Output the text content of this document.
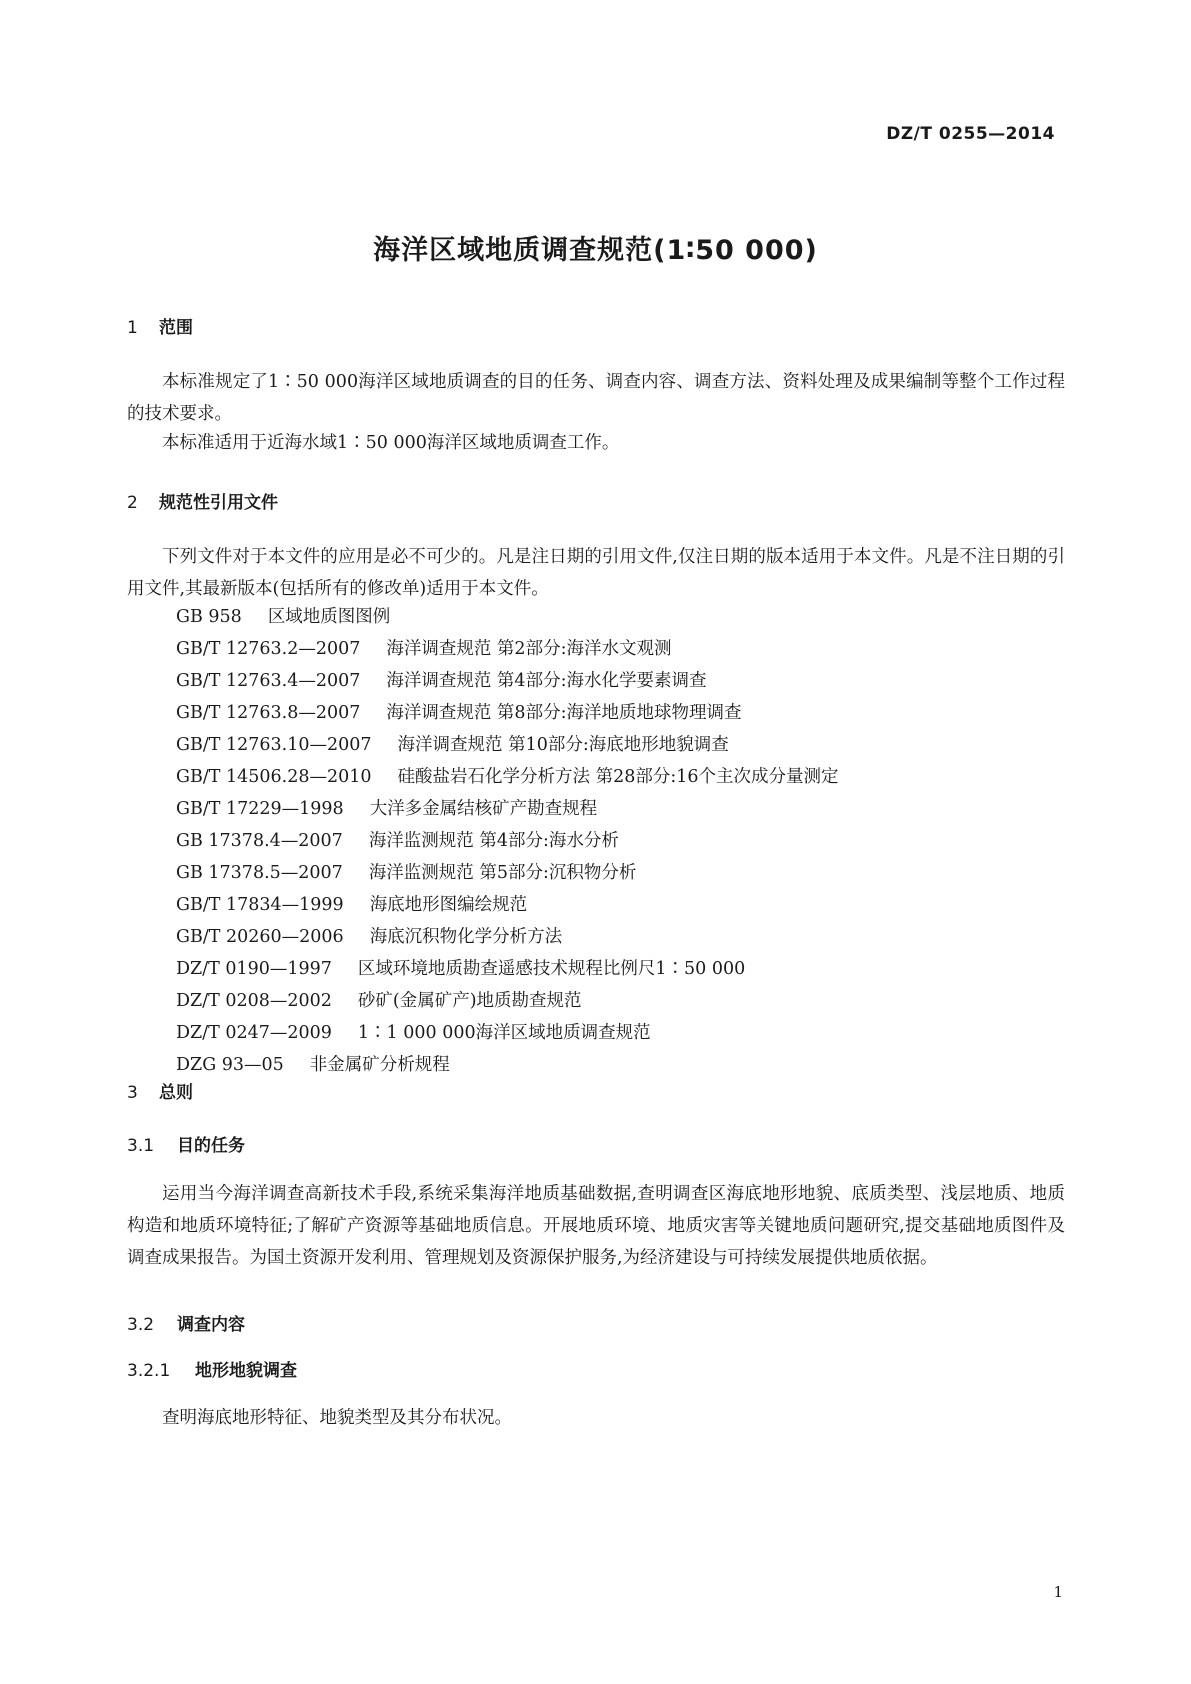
DZ/T 0255—2014
海洋区域地质调查规范(1∶50 000)
1 范围

本标准规定了1∶50 000海洋区域地质调查的目的任务、调查内容、调查方法、资料处理及成果编制等整个工作过程的技术要求。

本标准适用于近海水域1∶50 000海洋区域地质调查工作。

2 规范性引用文件

下列文件对于本文件的应用是必不可少的。凡是注日期的引用文件,仅注日期的版本适用于本文件。凡是不注日期的引用文件,其最新版本(包括所有的修改单)适用于本文件。

GB 958 区域地质图图例
GB/T 12763.2—2007 海洋调查规范 第2部分:海洋水文观测
GB/T 12763.4—2007 海洋调查规范 第4部分:海水化学要素调查
GB/T 12763.8—2007 海洋调查规范 第8部分:海洋地质地球物理调查
GB/T 12763.10—2007 海洋调查规范 第10部分:海底地形地貌调查
GB/T 14506.28—2010 硅酸盐岩石化学分析方法 第28部分:16个主次成分量测定
GB/T 17229—1998 大洋多金属结核矿产勘查规程
GB 17378.4—2007 海洋监测规范 第4部分:海水分析
GB 17378.5—2007 海洋监测规范 第5部分:沉积物分析
GB/T 17834—1999 海底地形图编绘规范
GB/T 20260—2006 海底沉积物化学分析方法
DZ/T 0190—1997 区域环境地质勘查遥感技术规程比例尺1∶50 000
DZ/T 0208—2002 砂矿(金属矿产)地质勘查规范
DZ/T 0247—2009 1∶1 000 000海洋区域地质调查规范
DZG 93—05 非金属矿分析规程
3 总则
3.1 目的任务

运用当今海洋调查高新技术手段,系统采集海洋地质基础数据,查明调查区海底地形地貌、底质类型、浅层地质、地质构造和地质环境特征;了解矿产资源等基础地质信息。开展地质环境、地质灾害等关键地质问题研究,提交基础地质图件及调查成果报告。为国土资源开发利用、管理规划及资源保护服务,为经济建设与可持续发展提供地质依据。

3.2 调查内容
3.2.1 地形地貌调查

查明海底地形特征、地貌类型及其分布状况。

1
